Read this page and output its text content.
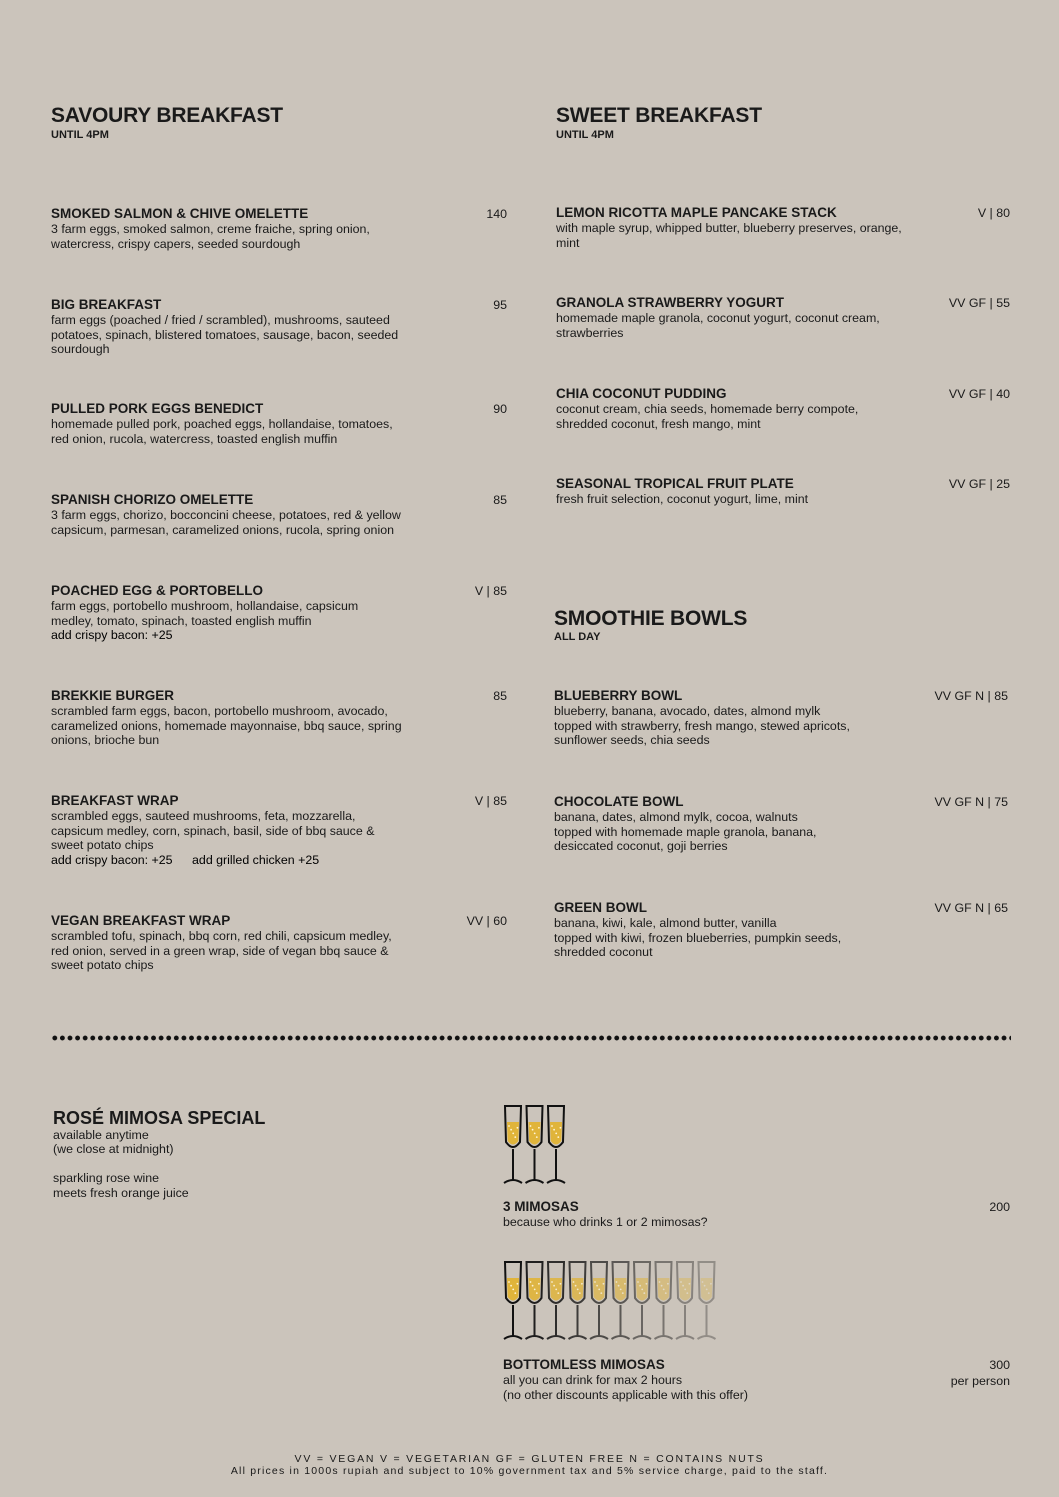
SAVOURY BREAKFAST
UNTIL 4PM
SMOKED SALMON & CHIVE OMELETTE
3 farm eggs, smoked salmon, creme fraiche, spring onion,
watercress, crispy capers, seeded sourdough
140
BIG BREAKFAST
farm eggs (poached / fried / scrambled), mushrooms, sauteed
potatoes, spinach, blistered tomatoes, sausage, bacon, seeded
sourdough
95
PULLED PORK EGGS BENEDICT
homemade pulled pork, poached eggs, hollandaise, tomatoes,
red onion, rucola, watercress, toasted english muffin
90
SPANISH CHORIZO OMELETTE
3 farm eggs, chorizo, bocconcini cheese, potatoes, red & yellow
capsicum, parmesan, caramelized onions, rucola, spring onion
85
POACHED EGG & PORTOBELLO
farm eggs, portobello mushroom, hollandaise, capsicum
medley, tomato, spinach, toasted english muffin
add crispy bacon: +25
V | 85
BREKKIE BURGER
scrambled farm eggs, bacon, portobello mushroom, avocado,
caramelized onions, homemade mayonnaise, bbq sauce, spring
onions, brioche bun
85
BREAKFAST WRAP
scrambled eggs, sauteed mushrooms, feta, mozzarella,
capsicum medley, corn, spinach, basil, side of bbq sauce &
sweet potato chips
add crispy bacon: +25 add grilled chicken +25
V | 85
VEGAN BREAKFAST WRAP
scrambled tofu, spinach, bbq corn, red chili, capsicum medley,
red onion, served in a green wrap, side of vegan bbq sauce &
sweet potato chips
VV | 60
SWEET BREAKFAST
UNTIL 4PM
LEMON RICOTTA MAPLE PANCAKE STACK
with maple syrup, whipped butter, blueberry preserves, orange,
mint
V | 80
GRANOLA STRAWBERRY YOGURT
homemade maple granola, coconut yogurt, coconut cream,
strawberries
VV GF | 55
CHIA COCONUT PUDDING
coconut cream, chia seeds, homemade berry compote,
shredded coconut, fresh mango, mint
VV GF | 40
SEASONAL TROPICAL FRUIT PLATE
fresh fruit selection, coconut yogurt, lime, mint
VV GF | 25
SMOOTHIE BOWLS
ALL DAY
BLUEBERRY BOWL
blueberry, banana, avocado, dates, almond mylk
topped with strawberry, fresh mango, stewed apricots,
sunflower seeds, chia seeds
VV GF N | 85
CHOCOLATE BOWL
banana, dates, almond mylk, cocoa, walnuts
topped with homemade maple granola, banana,
desiccated coconut, goji berries
VV GF N | 75
GREEN BOWL
banana, kiwi, kale, almond butter, vanilla
topped with kiwi, frozen blueberries, pumpkin seeds,
shredded coconut
VV GF N | 65
ROSÉ MIMOSA SPECIAL
available anytime
(we close at midnight)
sparkling rose wine
meets fresh orange juice
3 MIMOSAS
because who drinks 1 or 2 mimosas?
200
BOTTOMLESS MIMOSAS
all you can drink for max 2 hours
(no other discounts applicable with this offer)
300
per person
VV = VEGAN V = VEGETARIAN GF = GLUTEN FREE N = CONTAINS NUTS
All prices in 1000s rupiah and subject to 10% government tax and 5% service charge, paid to the staff.
